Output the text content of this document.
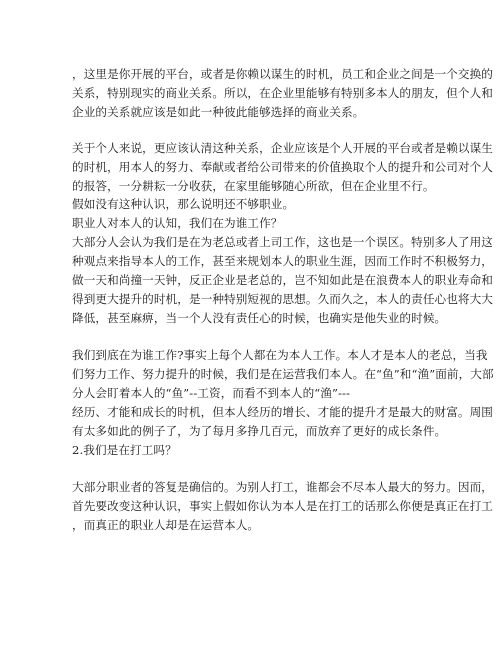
，这里是你开展的平台，或者是你赖以谋生的时机，员工和企业之间是一个交换的
关系，特别现实的商业关系。所以，在企业里能够有特别多本人的朋友，但个人和
企业的关系就应该是如此一种彼此能够选择的商业关系。
关于个人来说，更应该认清这种关系，企业应该是个人开展的平台或者是赖以谋生
的时机，用本人的努力、奉献或者给公司带来的价值换取个人的提升和公司对个人
的报答，一分耕耘一分收获，在家里能够随心所欲，但在企业里不行。
假如没有这种认识，那么说明还不够职业。
职业人对本人的认知，我们在为谁工作？
大部分人会认为我们是在为老总或者上司工作，这也是一个误区。特别多人了用这
种观点来指导本人的工作，甚至来规划本人的职业生涯，因而工作时不积极努力，
做一天和尚撞一天钟，反正企业是老总的，岂不知如此是在浪费本人的职业寿命和
得到更大提升的时机，是一种特别短视的思想。久而久之，本人的责任心也将大大
降低，甚至麻痹，当一个人没有责任心的时候，也确实是他失业的时候。
我们到底在为谁工作?事实上每个人都在为本人工作。本人才是本人的老总，当我
们努力工作、努力提升的时候，我们是在运营我们本人。在“鱼”和“渔”面前，大部
分人会盯着本人的“鱼”--工资，而看不到本人的“渔”---
经历、才能和成长的时机，但本人经历的增长、才能的提升才是最大的财富。周围
有太多如此的例子了，为了每月多挣几百元，而放弃了更好的成长条件。
2.我们是在打工吗？
大部分职业者的答复是确信的。为别人打工，谁都会不尽本人最大的努力。因而，
首先要改变这种认识，事实上假如你认为本人是在打工的话那么你便是真正在打工
，而真正的职业人却是在运营本人。
